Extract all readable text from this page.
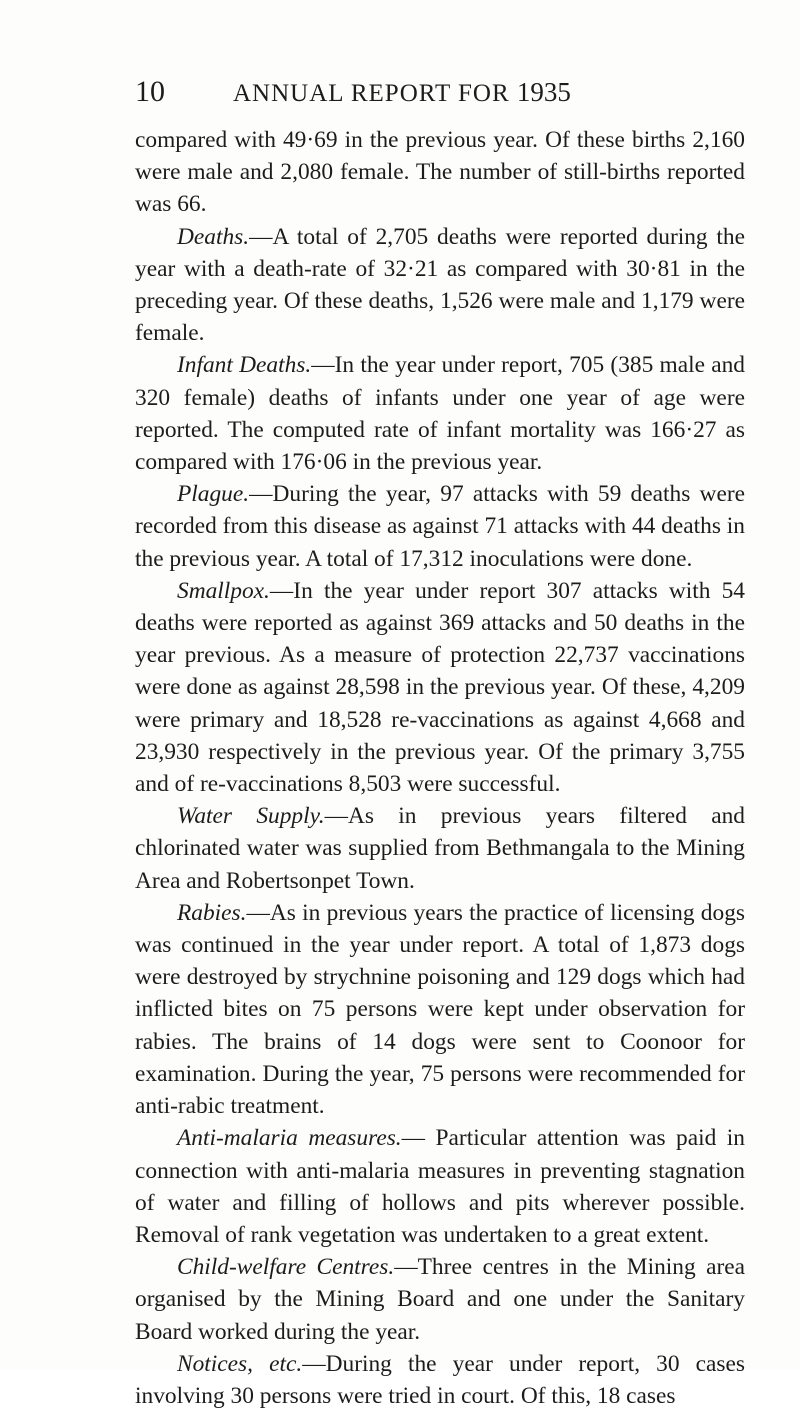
10	ANNUAL REPORT FOR 1935

compared with 49·69 in the previous year. Of these births 2,160 were male and 2,080 female. The number of still-births reported was 66.

Deaths.—A total of 2,705 deaths were reported during the year with a death-rate of 32·21 as compared with 30·81 in the preceding year. Of these deaths, 1,526 were male and 1,179 were female.

Infant Deaths.—In the year under report, 705 (385 male and 320 female) deaths of infants under one year of age were reported. The computed rate of infant mortality was 166·27 as compared with 176·06 in the previous year.

Plague.—During the year, 97 attacks with 59 deaths were recorded from this disease as against 71 attacks with 44 deaths in the previous year. A total of 17,312 inoculations were done.

Smallpox.—In the year under report 307 attacks with 54 deaths were reported as against 369 attacks and 50 deaths in the year previous. As a measure of protection 22,737 vaccinations were done as against 28,598 in the previous year. Of these, 4,209 were primary and 18,528 re-vaccinations as against 4,668 and 23,930 respectively in the previous year. Of the primary 3,755 and of re-vaccinations 8,503 were successful.

Water Supply.—As in previous years filtered and chlorinated water was supplied from Bethmangala to the Mining Area and Robertsonpet Town.

Rabies.—As in previous years the practice of licensing dogs was continued in the year under report. A total of 1,873 dogs were destroyed by strychnine poisoning and 129 dogs which had inflicted bites on 75 persons were kept under observation for rabies. The brains of 14 dogs were sent to Coonoor for examination. During the year, 75 persons were recommended for anti-rabic treatment.

Anti-malaria measures.— Particular attention was paid in connection with anti-malaria measures in preventing stagnation of water and filling of hollows and pits wherever possible. Removal of rank vegetation was undertaken to a great extent.

Child-welfare Centres.—Three centres in the Mining area organised by the Mining Board and one under the Sanitary Board worked during the year.

Notices, etc.—During the year under report, 30 cases involving 30 persons were tried in court. Of this, 18 cases
